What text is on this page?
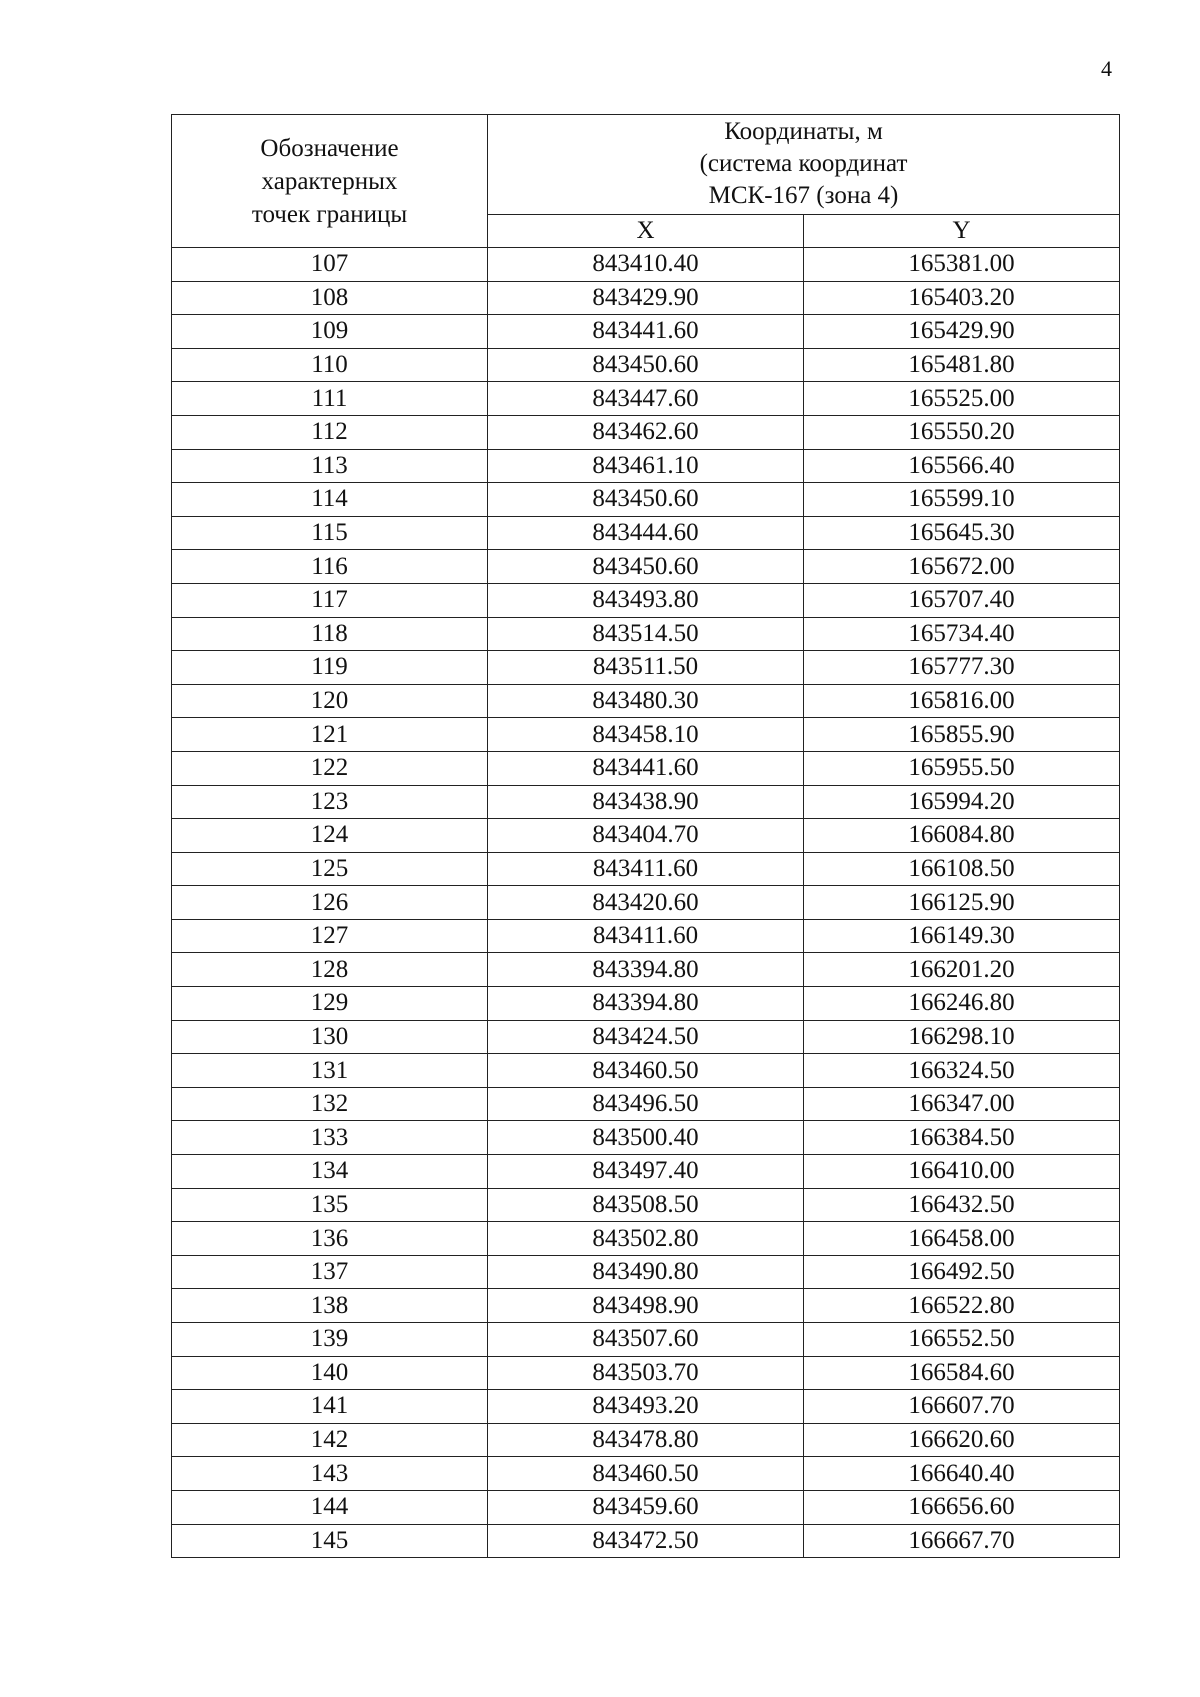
4
Обозначение
характерных
точек границы	Координаты, м
(система координат
МСК-167 (зона 4)	

	X	Y
107	843410.40	165381.00
108	843429.90	165403.20
109	843441.60	165429.90
110	843450.60	165481.80
111	843447.60	165525.00
112	843462.60	165550.20
113	843461.10	165566.40
114	843450.60	165599.10
115	843444.60	165645.30
116	843450.60	165672.00
117	843493.80	165707.40
118	843514.50	165734.40
119	843511.50	165777.30
120	843480.30	165816.00
121	843458.10	165855.90
122	843441.60	165955.50
123	843438.90	165994.20
124	843404.70	166084.80
125	843411.60	166108.50
126	843420.60	166125.90
127	843411.60	166149.30
128	843394.80	166201.20
129	843394.80	166246.80
130	843424.50	166298.10
131	843460.50	166324.50
132	843496.50	166347.00
133	843500.40	166384.50
134	843497.40	166410.00
135	843508.50	166432.50
136	843502.80	166458.00
137	843490.80	166492.50
138	843498.90	166522.80
139	843507.60	166552.50
140	843503.70	166584.60
141	843493.20	166607.70
142	843478.80	166620.60
143	843460.50	166640.40
144	843459.60	166656.60
145	843472.50	166667.70
